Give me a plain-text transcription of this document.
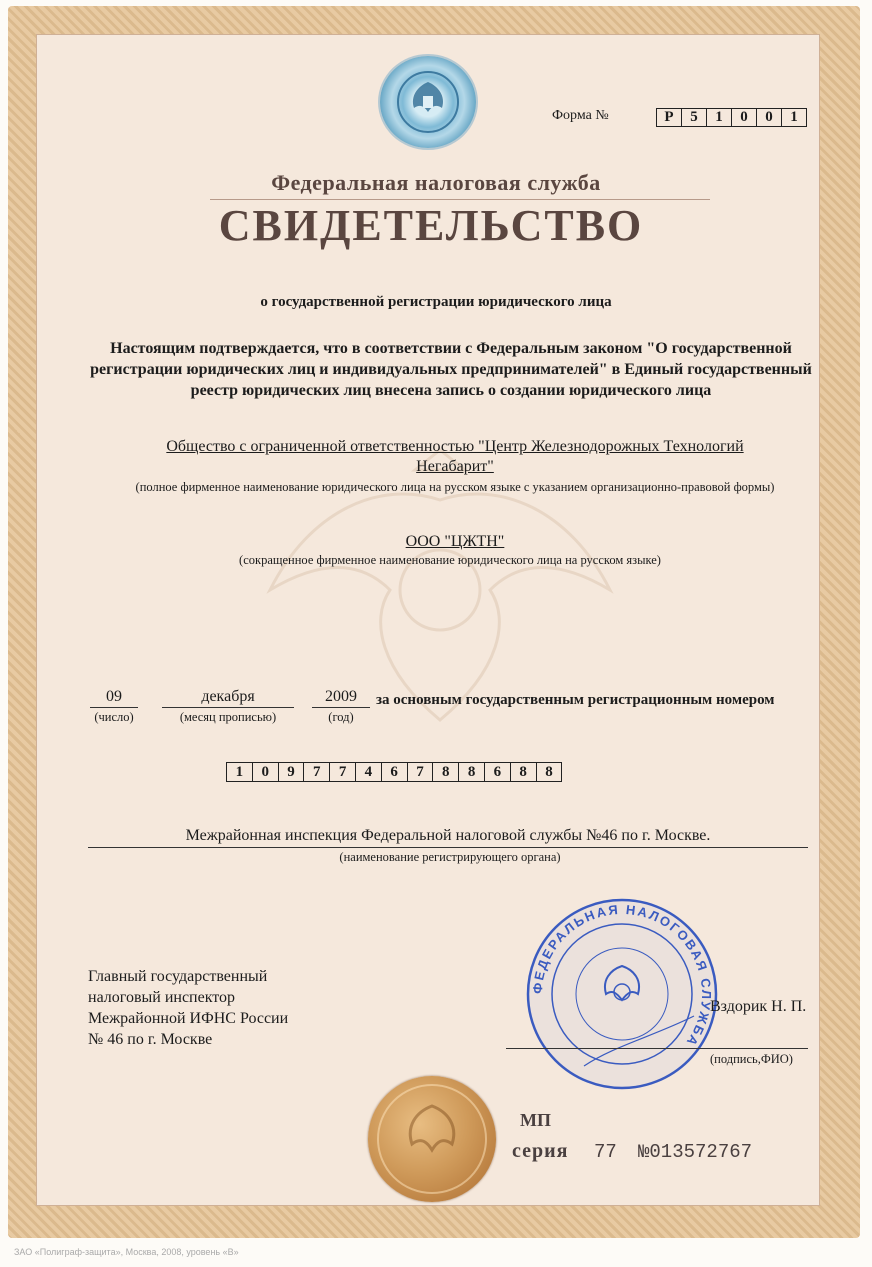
Форма №	Р	5	1	0	0	1
Федеральная налоговая служба
СВИДЕТЕЛЬСТВО
о государственной регистрации юридического лица
Настоящим подтверждается, что в соответствии с Федеральным законом "О государственной регистрации юридических лиц и индивидуальных предпринимателей" в Единый государственный реестр юридических лиц внесена запись о создании юридического лица
Общество с ограниченной ответственностью "Центр Железнодорожных Технологий
Негабарит"
(полное фирменное наименование юридического лица на русском языке с указанием организационно-правовой формы)
ООО "ЦЖТН"
(сокращенное фирменное наименование юридического лица на русском языке)
09
(число)
декабря
(месяц прописью)
2009
(год)
за основным государственным регистрационным номером
1	0	9	7	7	4	6	7	8	8	6	8	8
Межрайонная инспекция Федеральной налоговой службы №46 по г. Москве.
(наименование регистрирующего органа)
Главный государственный
налоговый инспектор
Межрайонной ИФНС России
№ 46 по г. Москве
ФЕДЕРАЛЬНАЯ НАЛОГОВАЯ СЛУЖБА
Вздорик Н. П.
(подпись,ФИО)
МП
серия 77 №013572767
ЗАО «Полиграф-защита», Москва, 2008, уровень «В»
